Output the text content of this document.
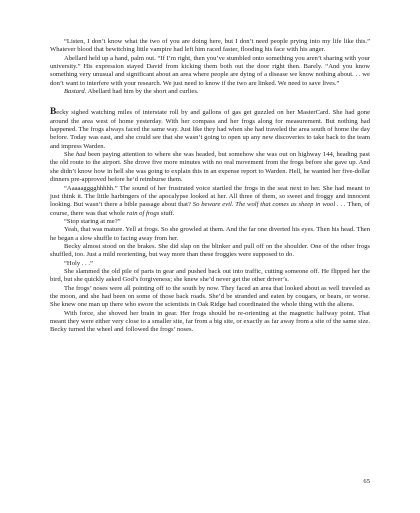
“Listen, I don’t know what the two of you are doing here, but I don’t need people prying into my life like this.” Whatever blood that bewitching little vampire had left him raced faster, flooding his face with his anger.

Abellard held up a hand, palm out. “If I’m right, then you’ve stumbled onto something you aren’t sharing with your university.” His expression stayed David from kicking them both out the door right then. Barely. “And you know something very unusual and significant about an area where people are dying of a disease we know nothing about. . . we don’t want to interfere with your research. We just need to know if the two are linked. We need to save lives.”

Bastard. Abellard had him by the short and curlies.

Becky sighed watching miles of interstate roll by and gallons of gas get guzzled on her MasterCard. She had gone around the area west of home yesterday. With her compass and her frogs along for measurement. But nothing had happened. The frogs always faced the same way. Just like they had when she had traveled the area south of home the day before. Today was east, and she could see that she wasn’t going to open up any new discoveries to take back to the team and impress Warden.

She had been paying attention to where she was headed, but somehow she was out on highway 144, heading past the old route to the airport. She drove five more minutes with no real movement from the frogs before she gave up. And she didn’t know how in hell she was going to explain this in an expense report to Warden. Hell, he wanted her five-dollar dinners pre-approved before he’d reimburse them.

“Aaaaagggghhhhh.” The sound of her frustrated voice startled the frogs in the seat next to her. She had meant to just think it. The little harbingers of the apocalypse looked at her. All three of them, so sweet and froggy and innocent looking. But wasn’t there a bible passage about that? So beware evil. The wolf that comes as sheep in wool . . . Then, of course, there was that whole rain of frogs stuff.

“Stop staring at me?”

Yeah, that was mature. Yell at frogs. So she growled at them. And the far one diverted his eyes. Then his head. Then he began a slow shuffle to facing away from her.

Becky almost stood on the brakes. She did slap on the blinker and pull off on the shoulder. One of the other frogs shuffled, too. Just a mild reorienting, but way more than these froggies were supposed to do.

“Holy . . .”

She slammed the old pile of parts in gear and pushed back out into traffic, cutting someone off. He flipped her the bird, but she quickly asked God’s forgiveness; she knew she’d never get the other driver’s.

The frogs’ noses were all pointing off to the south by now. They faced an area that looked about as well traveled as the moon, and she had been on some of those back roads. She’d be stranded and eaten by cougars, or bears, or worse. She knew one man up there who swore the scientists in Oak Ridge had coordinated the whole thing with the aliens.

With force, she shoved her brain in gear. Her frogs should be re-orienting at the magnetic halfway point. That meant they were either very close to a smaller site, far from a big site, or exactly as far away from a site of the same size. Becky turned the wheel and followed the frogs’ noses.

65
